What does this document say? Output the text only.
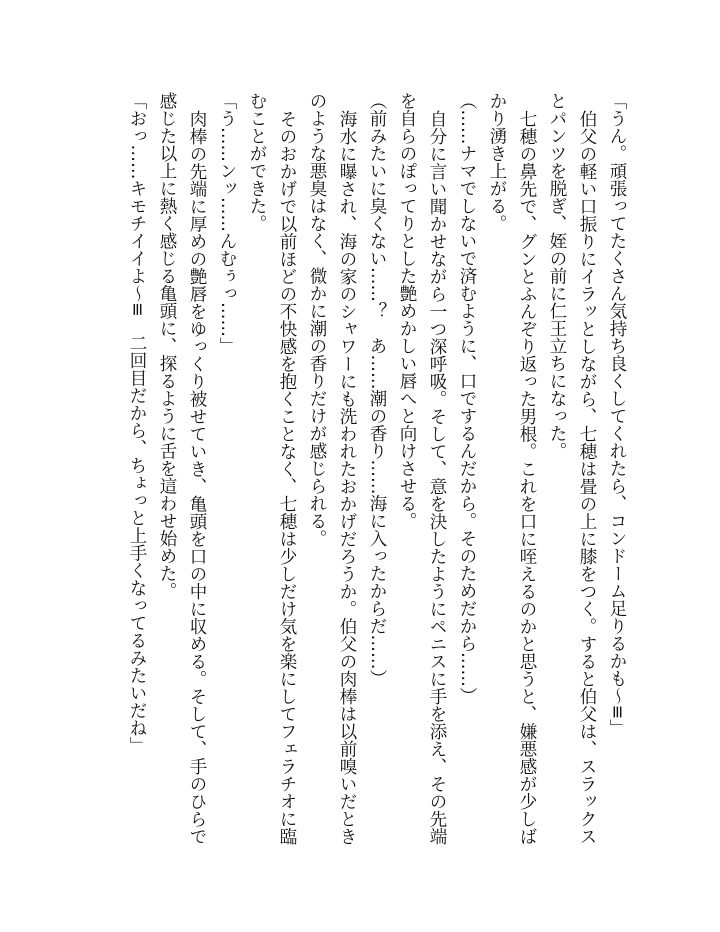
「うん。頑張ってたくさん気持ち良くしてくれたら、コンドーム足りるかも〜≡」
伯父の軽い口振りにイラッとしながら、七穂は畳の上に膝をつく。すると伯父は、スラックス
とパンツを脱ぎ、姪の前に仁王立ちになった。
七穂の鼻先で、グンとふんぞり返った男根。これを口に咥えるのかと思うと、嫌悪感が少しば
かり湧き上がる。
（……ナマでしないで済むように、口でするんだから。そのためだから……）
自分に言い聞かせながら一つ深呼吸。そして、意を決したようにペニスに手を添え、その先端
を自らのぽってりとした艶めかしい唇へと向けさせる。
（前みたいに臭くない……？　あ……潮の香り……海に入ったからだ……）
海水に曝され、海の家のシャワーにも洗われたおかげだろうか。伯父の肉棒は以前嗅いだとき
のような悪臭はなく、微かに潮の香りだけが感じられる。
そのおかげで以前ほどの不快感を抱くことなく、七穂は少しだけ気を楽にしてフェラチオに臨
むことができた。
「う……ンッ……んむぅっ……」
肉棒の先端に厚めの艶唇をゆっくり被せていき、亀頭を口の中に収める。そして、手のひらで
感じた以上に熱く感じる亀頭に、探るように舌を這わせ始めた。
「おっ……キモチイイよ〜≡　二回目だから、ちょっと上手くなってるみたいだね」
